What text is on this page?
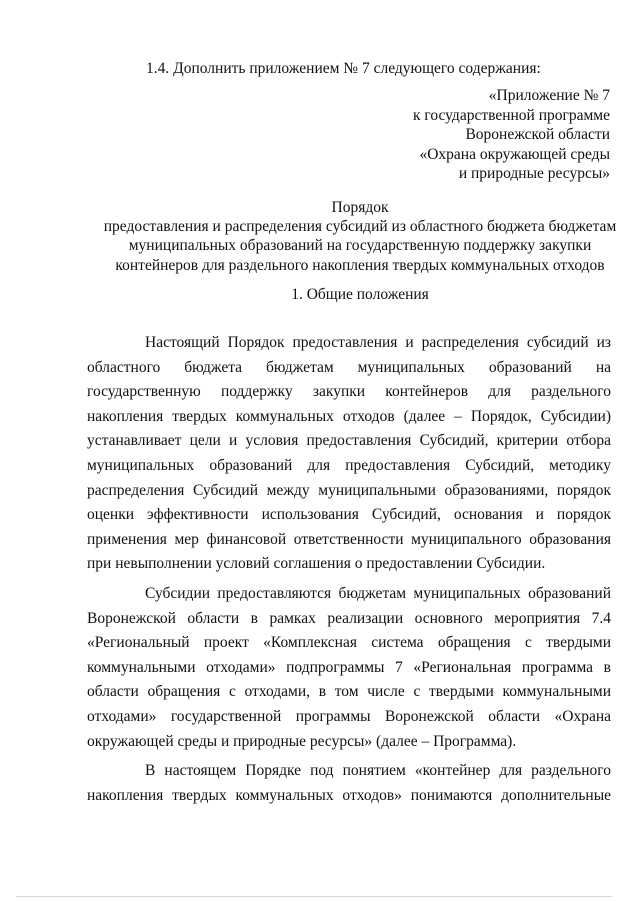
1.4. Дополнить приложением № 7 следующего содержания:
«Приложение № 7
к государственной программе
Воронежской области
«Охрана окружающей среды
и природные ресурсы»
Порядок
предоставления и распределения субсидий из областного бюджета бюджетам
муниципальных образований на государственную поддержку закупки
контейнеров для раздельного накопления твердых коммунальных отходов
1. Общие положения
Настоящий Порядок предоставления и распределения субсидий из
областного бюджета бюджетам муниципальных образований на
государственную поддержку закупки контейнеров для раздельного
накопления твердых коммунальных отходов (далее – Порядок, Субсидии)
устанавливает цели и условия предоставления Субсидий, критерии отбора
муниципальных образований для предоставления Субсидий, методику
распределения Субсидий между муниципальными образованиями, порядок
оценки эффективности использования Субсидий, основания и порядок
применения мер финансовой ответственности муниципального образования
при невыполнении условий соглашения о предоставлении Субсидии.
Субсидии предоставляются бюджетам муниципальных образований
Воронежской области в рамках реализации основного мероприятия 7.4
«Региональный проект «Комплексная система обращения с твердыми
коммунальными отходами» подпрограммы 7 «Региональная программа в
области обращения с отходами, в том числе с твердыми коммунальными
отходами» государственной программы Воронежской области «Охрана
окружающей среды и природные ресурсы» (далее – Программа).
В настоящем Порядке под понятием «контейнер для раздельного
накопления твердых коммунальных отходов» понимаются дополнительные
